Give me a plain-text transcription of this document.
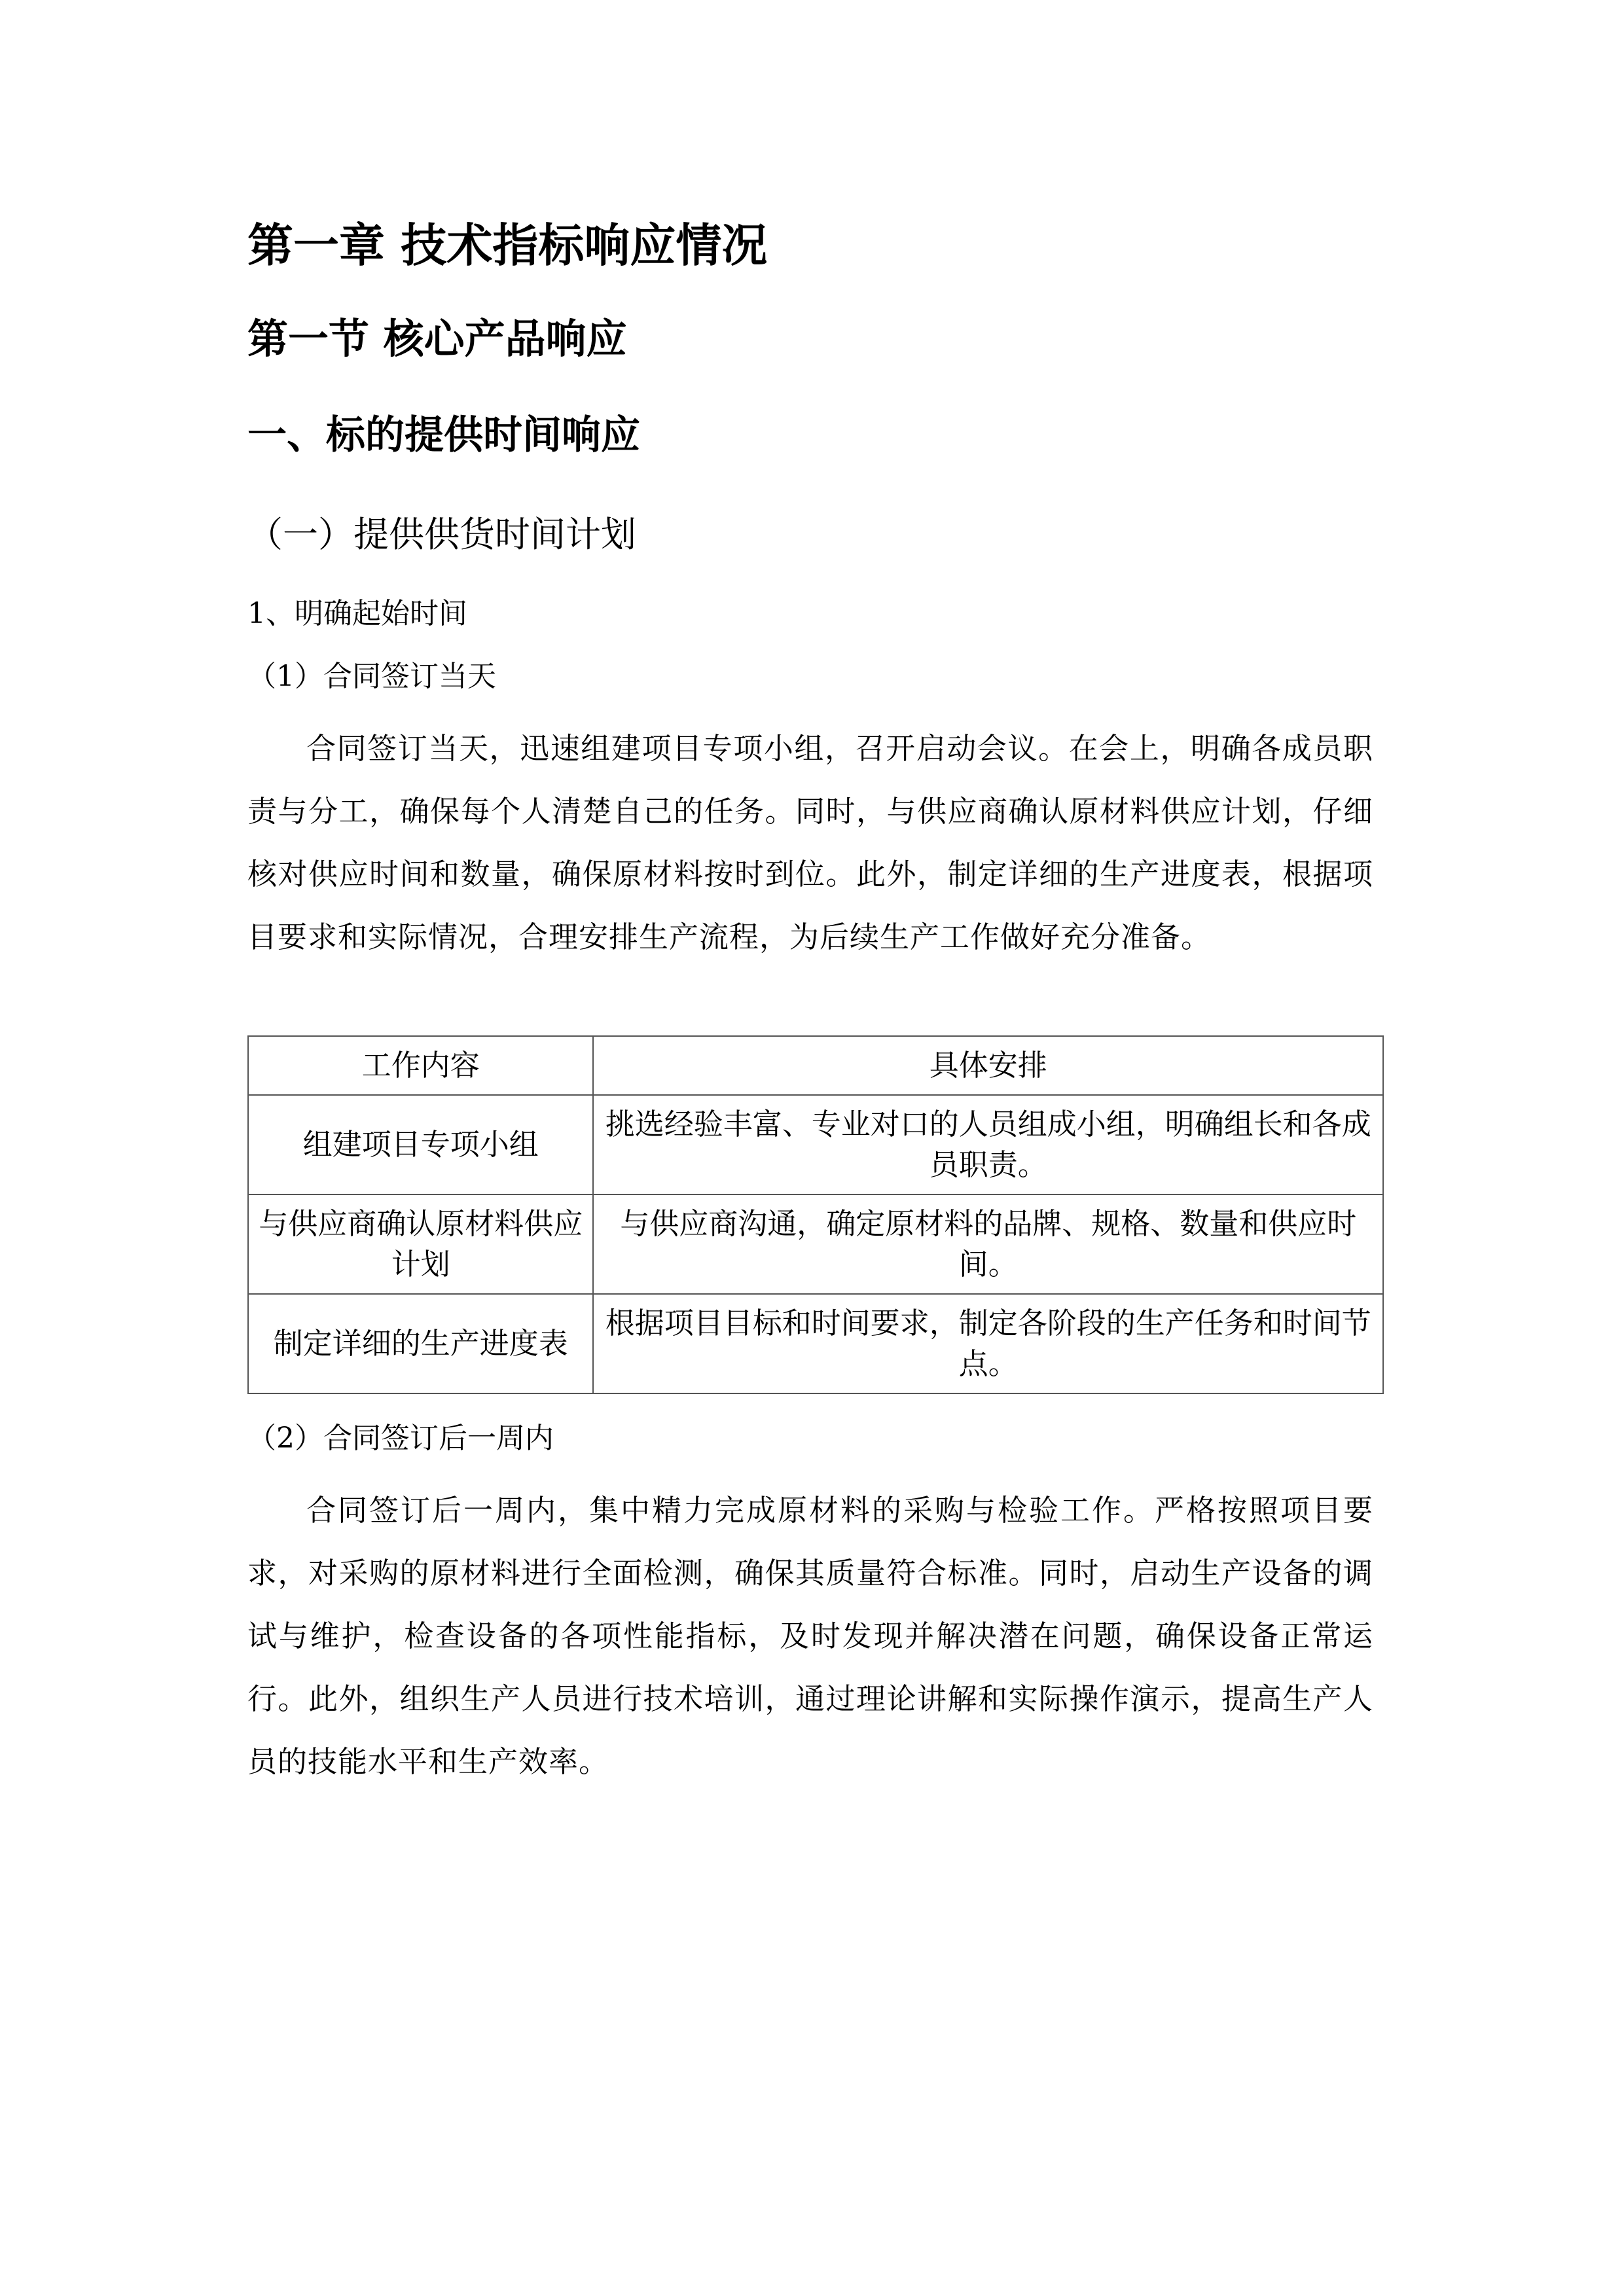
第一章 技术指标响应情况
第一节 核心产品响应
一、标的提供时间响应
（一）提供供货时间计划
1、明确起始时间
（1）合同签订当天
合同签订当天，迅速组建项目专项小组，召开启动会议。在会上，明确各成员职责与分工，确保每个人清楚自己的任务。同时，与供应商确认原材料供应计划，仔细核对供应时间和数量，确保原材料按时到位。此外，制定详细的生产进度表，根据项目要求和实际情况，合理安排生产流程，为后续生产工作做好充分准备。
工作内容	具体安排
组建项目专项小组	挑选经验丰富、专业对口的人员组成小组，明确组长和各成员职责。
与供应商确认原材料供应计划	与供应商沟通，确定原材料的品牌、规格、数量和供应时间。
制定详细的生产进度表	根据项目目标和时间要求，制定各阶段的生产任务和时间节点。
（2）合同签订后一周内
合同签订后一周内，集中精力完成原材料的采购与检验工作。严格按照项目要求，对采购的原材料进行全面检测，确保其质量符合标准。同时，启动生产设备的调试与维护，检查设备的各项性能指标，及时发现并解决潜在问题，确保设备正常运行。此外，组织生产人员进行技术培训，通过理论讲解和实际操作演示，提高生产人员的技能水平和生产效率。
